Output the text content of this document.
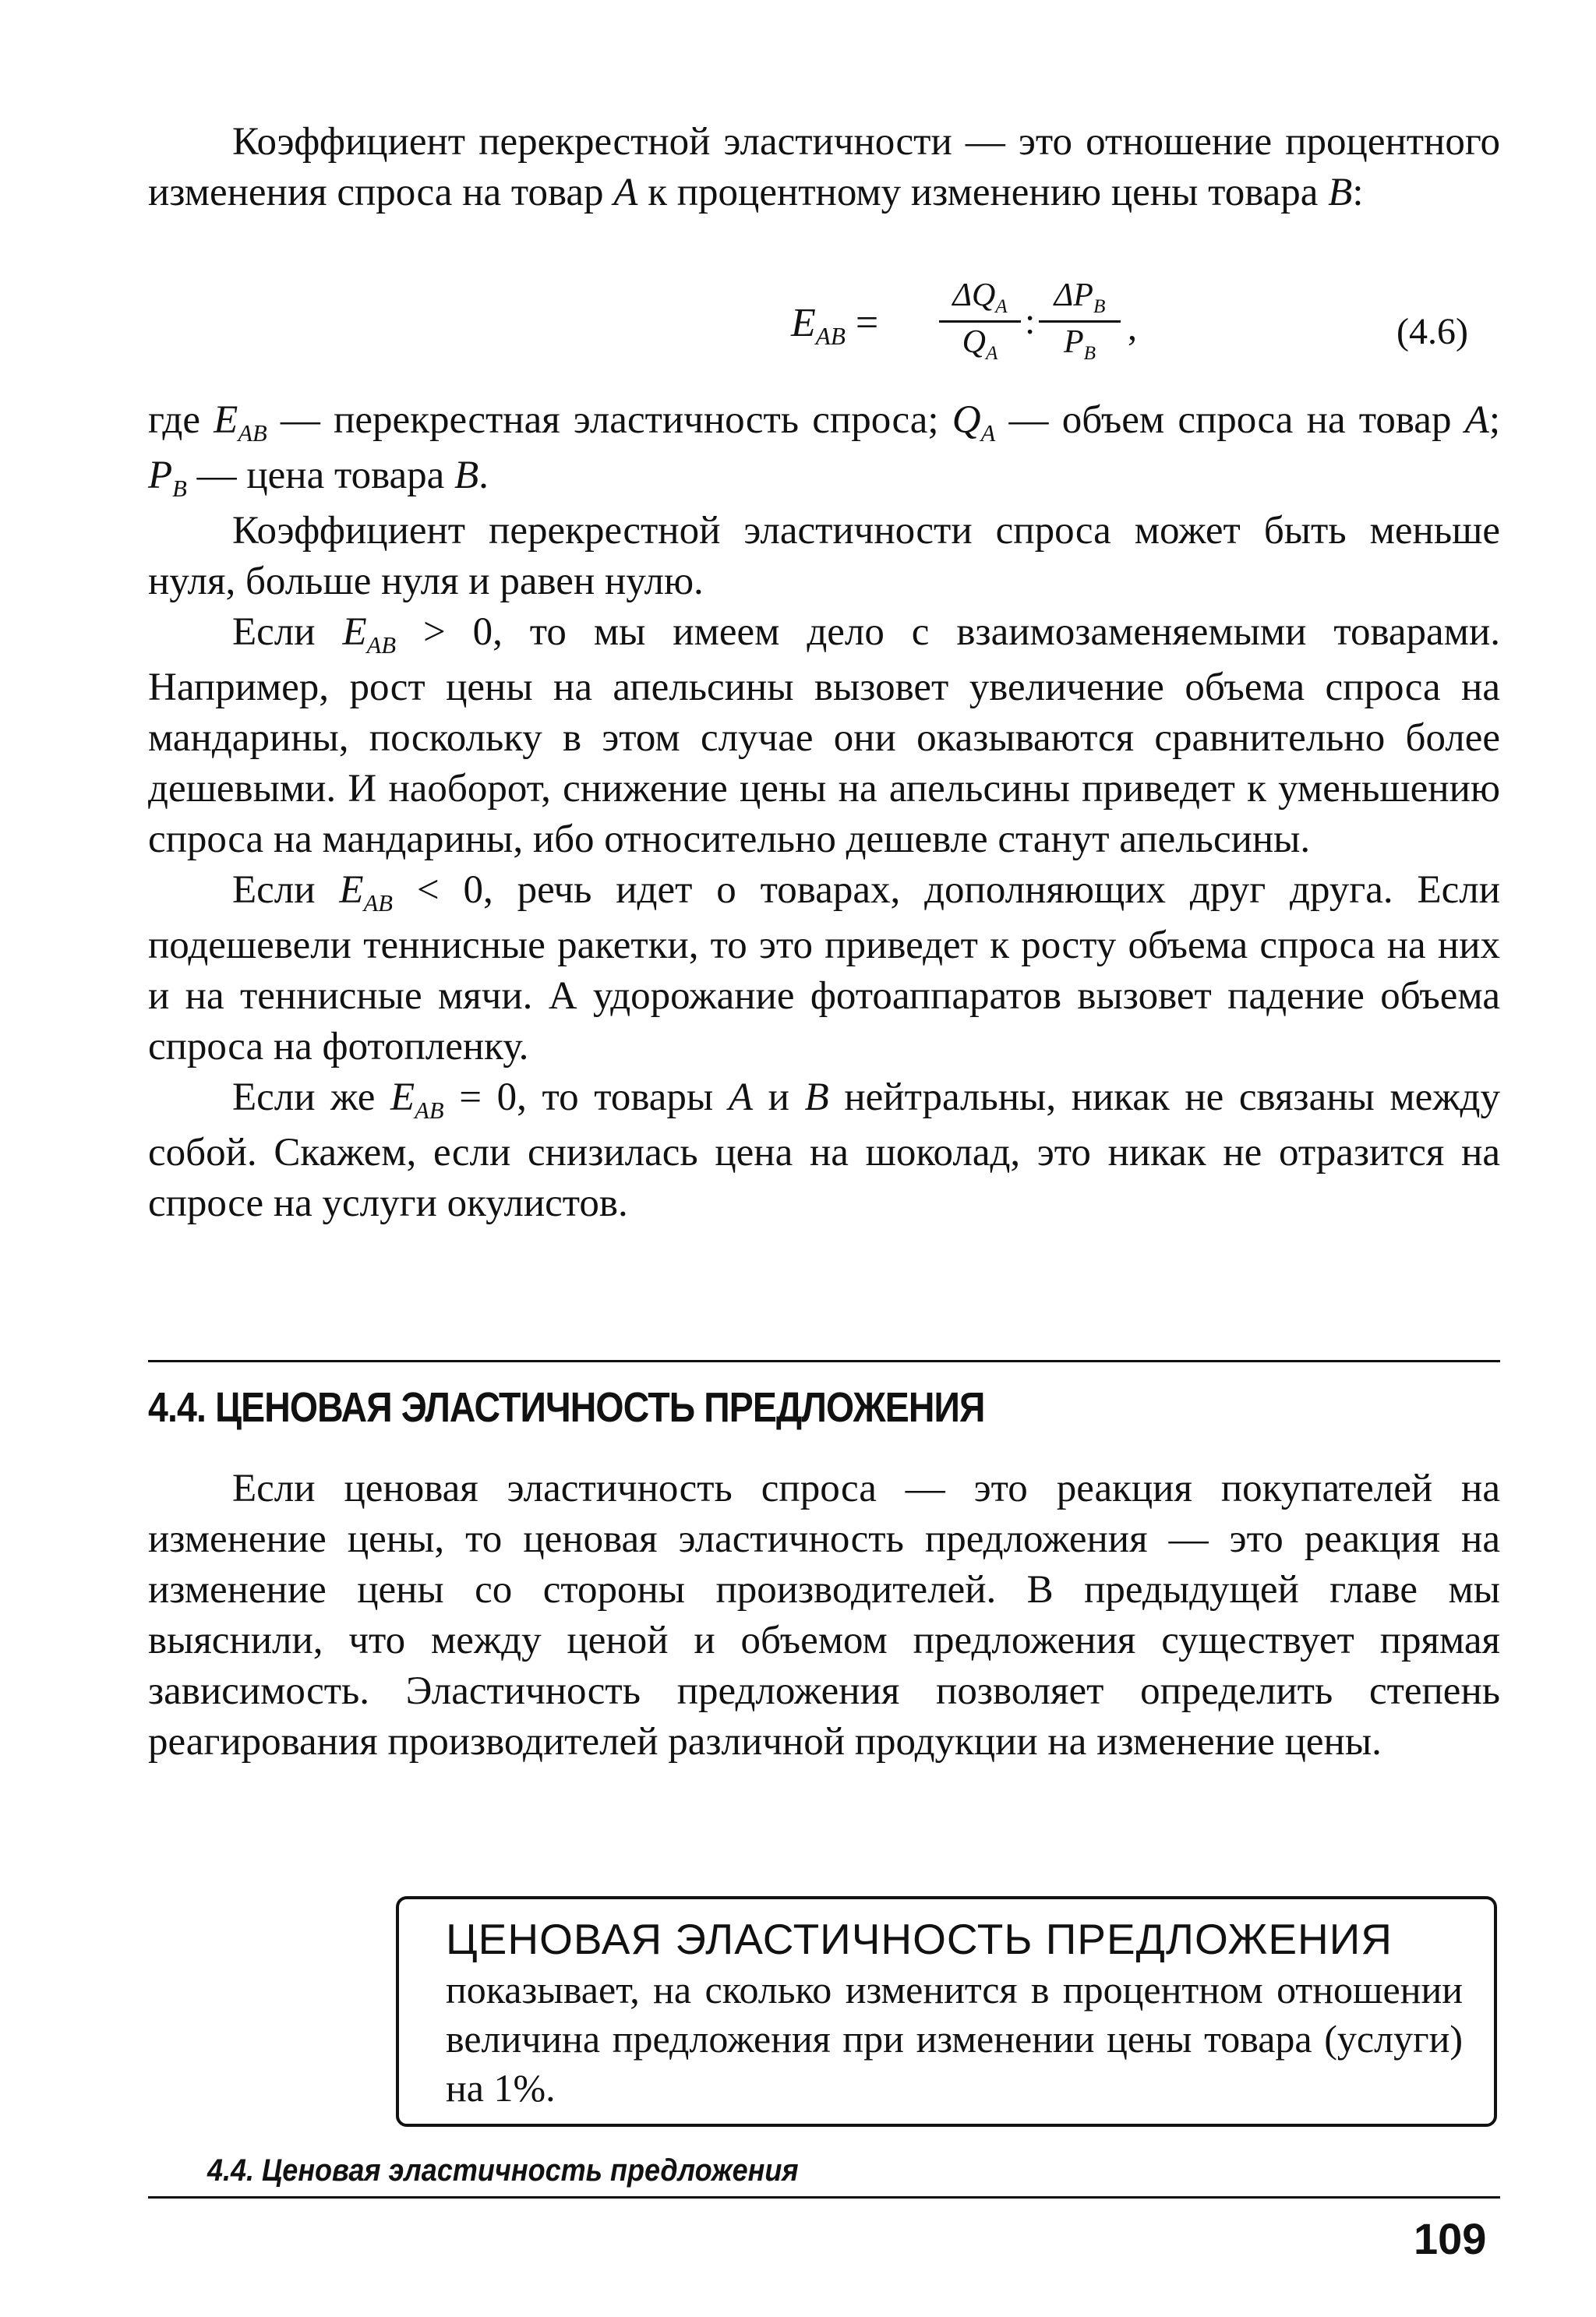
Коэффициент перекрестной эластичности — это отношение процентного изменения спроса на товар A к процентному изменению цены товара B:

$E_{AB}$ =
$\Delta Q_A$
$Q_A$
:
$\Delta P_B$
$P_B$
,	(4.6)

где $E_{AB}$ — перекрестная эластичность спроса; $Q_A$ — объем спроса на товар A; $P_B$ — цена товара B.

Коэффициент перекрестной эластичности спроса может быть меньше нуля, больше нуля и равен нулю.

Если $E_{AB} > 0$, то мы имеем дело с взаимозаменяемыми товарами. Например, рост цены на апельсины вызовет увеличение объема спроса на мандарины, поскольку в этом случае они оказываются сравнительно более дешевыми. И наоборот, снижение цены на апельсины приведет к уменьшению спроса на мандарины, ибо относительно дешевле станут апельсины.

Если $E_{AB} < 0$, речь идет о товарах, дополняющих друг друга. Если подешевели теннисные ракетки, то это приведет к росту объема спроса на них и на теннисные мячи. А удорожание фотоаппаратов вызовет падение объема спроса на фотопленку.

Если же $E_{AB} = 0$, то товары A и B нейтральны, никак не связаны между собой. Скажем, если снизилась цена на шоколад, это никак не отразится на спросе на услуги окулистов.

4.4. ЦЕНОВАЯ ЭЛАСТИЧНОСТЬ ПРЕДЛОЖЕНИЯ

Если ценовая эластичность спроса — это реакция покупателей на изменение цены, то ценовая эластичность предложения — это реакция на изменение цены со стороны производителей. В предыдущей главе мы выяснили, что между ценой и объемом предложения существует прямая зависимость. Эластичность предложения позволяет определить степень реагирования производителей различной продукции на изменение цены.

ЦЕНОВАЯ ЭЛАСТИЧНОСТЬ ПРЕДЛОЖЕНИЯ
показывает, на сколько изменится в процентном отношении величина предложения при изменении цены товара (услуги) на 1%.
4.4. Ценовая эластичность предложения
109
